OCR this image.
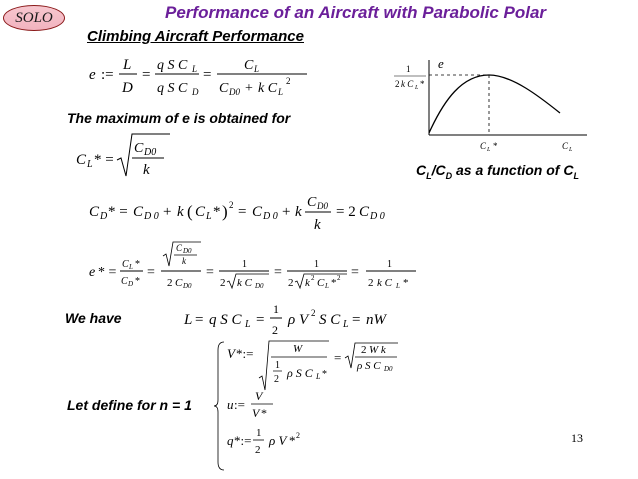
SOLO	Performance of an Aircraft with Parabolic Polar
Climbing Aircraft Performance
e :=
L
D
=
q S C L
q S C D
=
C L
C D0 + k C L
2
The maximum of e is obtained for
C L * =
C D0
k
C D * = C D 0 + k ( C L * ) 2 = C D 0 + k
C D0
k
= 2 C D 0
e * =
C L *
C D *
=
C D0
k
2 C D0
=
1
2 k C D0
=
1
2 k 2 C L * 2 =
1
2 k C L *
We have	L = q S C L =
1
2
ρ V 2 S C L = nW
V *:=	W
1
2 ρ S C L *
= 2 W k
ρ S C D0
Let define for n = 1	u :=
V
V *
q *:= 1
2
ρ V * 2
e
1
2 k C L *
C L *	C L
$C_L/C_D$ as a function of $C_L$
13
